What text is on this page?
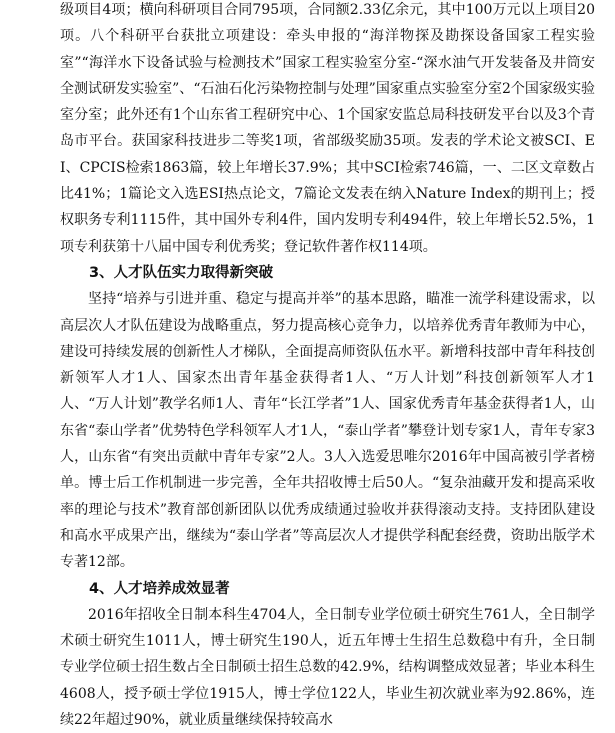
级项目4项；横向科研项目合同795项，合同额2.33亿余元，其中100万元以上项目20项。八个科研平台获批立项建设：牵头申报的“海洋物探及勘探设备国家工程实验室”“海洋水下设备试验与检测技术”国家工程实验室分室-“深水油气开发装备及井筒安全测试研发实验室”、“石油石化污染物控制与处理”国家重点实验室分室2个国家级实验室分室；此外还有1个山东省工程研究中心、1个国家安监总局科技研发平台以及3个青岛市平台。获国家科技进步二等奖1项，省部级奖励35项。发表的学术论文被SCI、EI、CPCIS检索1863篇，较上年增长37.9%；其中SCI检索746篇，一、二区文章数占比41%；1篇论文入选ESI热点论文，7篇论文发表在纳入Nature Index的期刊上；授权职务专利1115件，其中国外专利4件，国内发明专利494件，较上年增长52.5%，1项专利获第十八届中国专利优秀奖；登记软件著作权114项。

3、人才队伍实力取得新突破

坚持“培养与引进并重、稳定与提高并举”的基本思路，瞄准一流学科建设需求，以高层次人才队伍建设为战略重点，努力提高核心竞争力，以培养优秀青年教师为中心，建设可持续发展的创新性人才梯队，全面提高师资队伍水平。新增科技部中青年科技创新领军人才1人、国家杰出青年基金获得者1人、“万人计划”科技创新领军人才1人、“万人计划”教学名师1人、青年“长江学者”1人、国家优秀青年基金获得者1人，山东省“泰山学者”优势特色学科领军人才1人，“泰山学者”攀登计划专家1人，青年专家3人，山东省“有突出贡献中青年专家”2人。3人入选爱思唯尔2016年中国高被引学者榜单。博士后工作机制进一步完善，全年共招收博士后50人。“复杂油藏开发和提高采收率的理论与技术”教育部创新团队以优秀成绩通过验收并获得滚动支持。支持团队建设和高水平成果产出，继续为“泰山学者”等高层次人才提供学科配套经费，资助出版学术专著12部。

4、人才培养成效显著

2016年招收全日制本科生4704人，全日制专业学位硕士研究生761人，全日制学术硕士研究生1011人，博士研究生190人，近五年博士生招生总数稳中有升，全日制专业学位硕士招生数占全日制硕士招生总数的42.9%，结构调整成效显著；毕业本科生4608人，授予硕士学位1915人，博士学位122人，毕业生初次就业率为92.86%，连续22年超过90%，就业质量继续保持较高水
